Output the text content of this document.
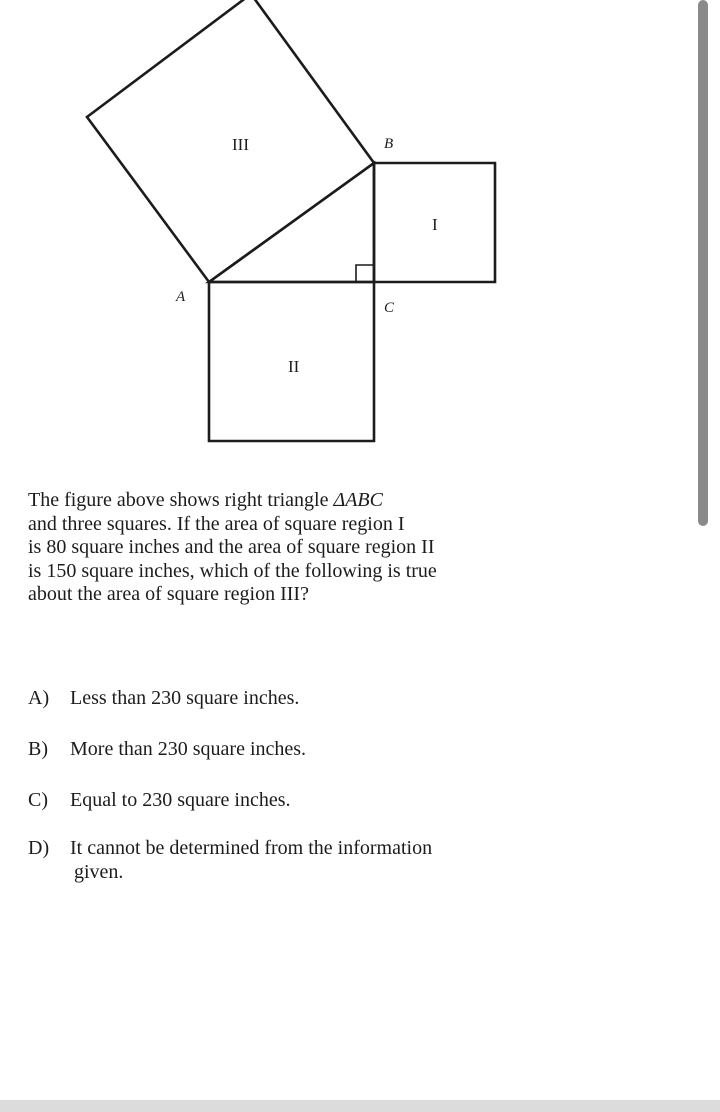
III
I
II
B
A
C
The figure above shows right triangle ΔABC
and three squares. If the area of square region I
is 80 square inches and the area of square region II
is 150 square inches, which of the following is true
about the area of square region III?
A)	Less than 230 square inches.
B)	More than 230 square inches.
C)	Equal to 230 square inches.
D)	It cannot be determined from the information
given.
